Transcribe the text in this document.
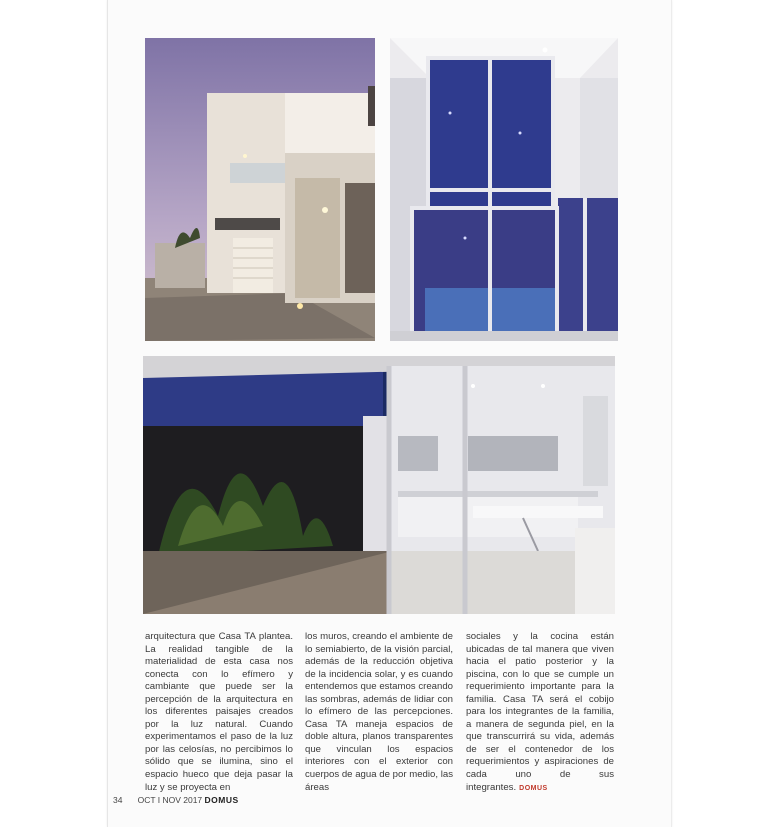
arquitectura que Casa TA plantea. La realidad tangible de la materialidad de esta casa nos conecta con lo efímero y cambiante que puede ser la percepción de la arquitectura en los diferentes paisajes creados por la luz natural. Cuando experimentamos el paso de la luz por las celosías, no percibimos lo sólido que se ilumina, sino el espacio hueco que deja pasar la luz y se proyecta en

los muros, creando el ambiente de lo semiabierto, de la visión parcial, además de la reducción objetiva de la incidencia solar, y es cuando entendemos que estamos creando las sombras, además de lidiar con lo efímero de las percepciones. Casa TA maneja espacios de doble altura, planos transparentes que vinculan los espacios interiores con el exterior con cuerpos de agua de por medio, las áreas

sociales y la cocina están ubicadas de tal manera que viven hacia el patio posterior y la piscina, con lo que se cumple un requerimiento importante para la familia. Casa TA será el cobijo para los integrantes de la familia, a manera de segunda piel, en la que transcurrirá su vida, además de ser el contenedor de los requerimientos y aspiraciones de cada uno de sus integrantes. DOMUS

34 OCT I NOV 2017 DOMUS
